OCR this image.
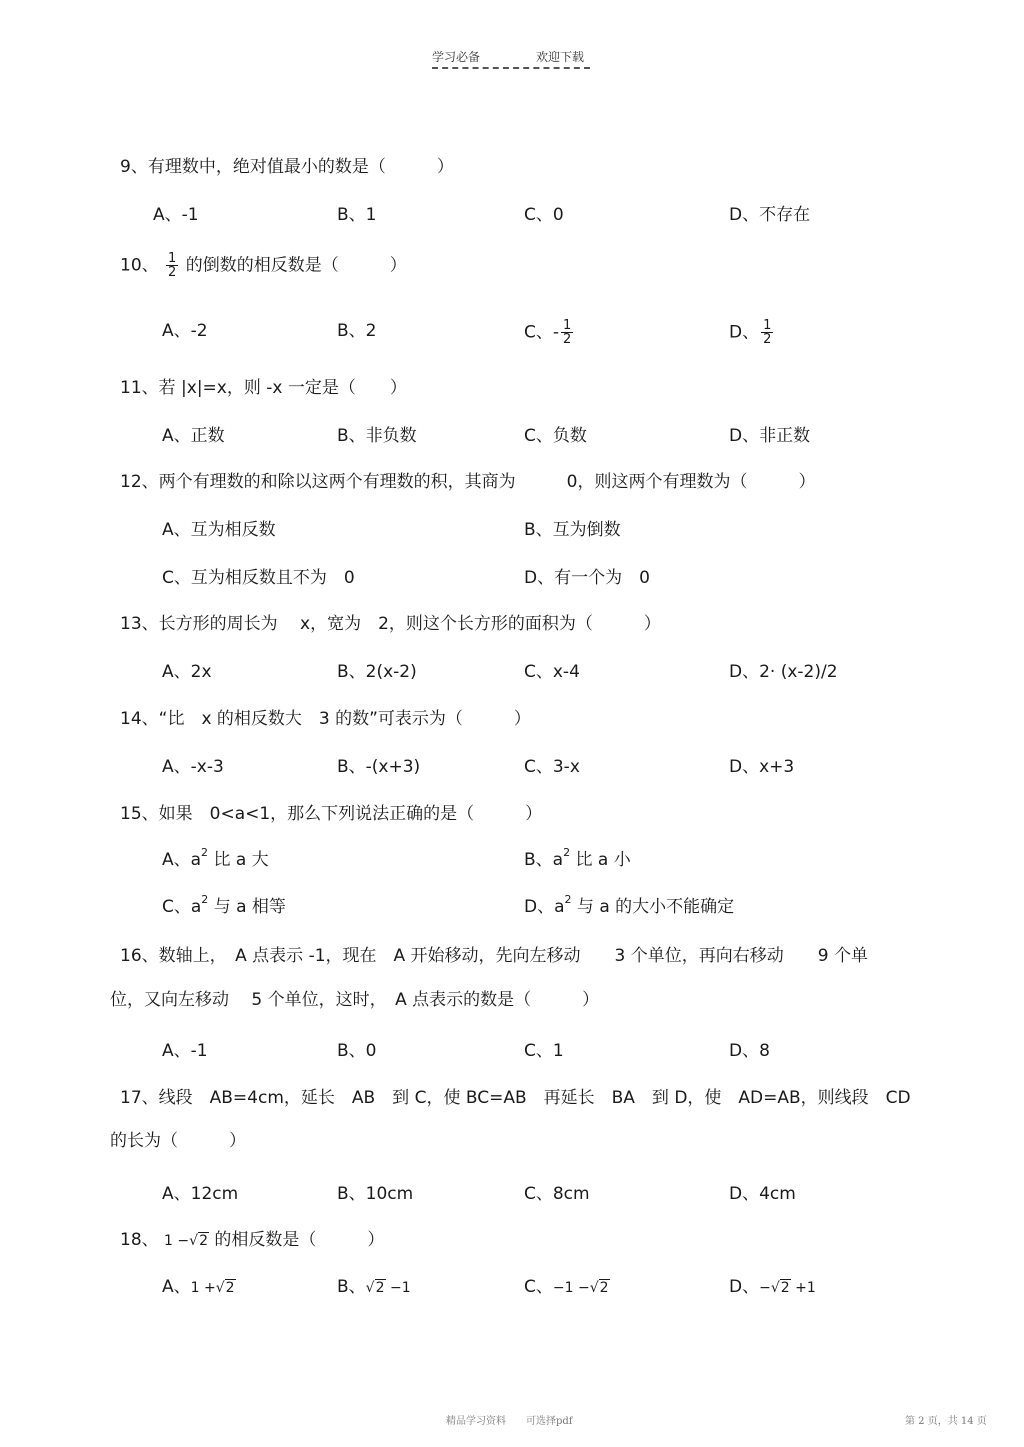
学习必备	欢迎下载
9、有理数中，绝对值最小的数是（　　　）
A、-1	B、1	C、0	D、不存在
10、 $\frac{1}{2}$ 的倒数的相反数是（　　　）
A、-2	B、2	C、- $\frac{1}{2}$	D、 $\frac{1}{2}$
11、若 |x|=x，则 -x 一定是（　　）
A、正数	B、非负数	C、负数	D、非正数
12、两个有理数的和除以这两个有理数的积，其商为　　　0，则这两个有理数为（　　　）
A、互为相反数	B、互为倒数
C、互为相反数且不为　0	D、有一个为　0
13、长方形的周长为　 x，宽为　2，则这个长方形的面积为（　　　）
A、2x	B、2(x-2)	C、x-4	D、2· (x-2)/2
14、“比　x 的相反数大　3 的数”可表示为（　　　）
A、-x-3	B、-(x+3)	C、3-x	D、x+3
15、如果　0<a<1，那么下列说法正确的是（　　　）
A、$a^2$ 比 a 大	B、$a^2$ 比 a 小
C、$a^2$ 与 a 相等	D、$a^2$ 与 a 的大小不能确定
16、数轴上，　A 点表示 -1，现在　A 开始移动，先向左移动　　3 个单位，再向右移动　　9 个单
位，又向左移动　 5 个单位，这时，　A 点表示的数是（　　　）
A、-1	B、0	C、1	D、8
17、线段　AB=4cm，延长　AB　到 C，使 BC=AB　再延长　BA　到 D，使　AD=AB，则线段　CD
的长为（　　　）
A、12cm	B、10cm	C、8cm	D、4cm
18、 1 −√2 的相反数是（　　　）
A、1 +√2	B、√2 −1	C、−1 −√2	D、−√2 +1
精品学习资料　　可选择pdf	第 2 页，共 14 页
